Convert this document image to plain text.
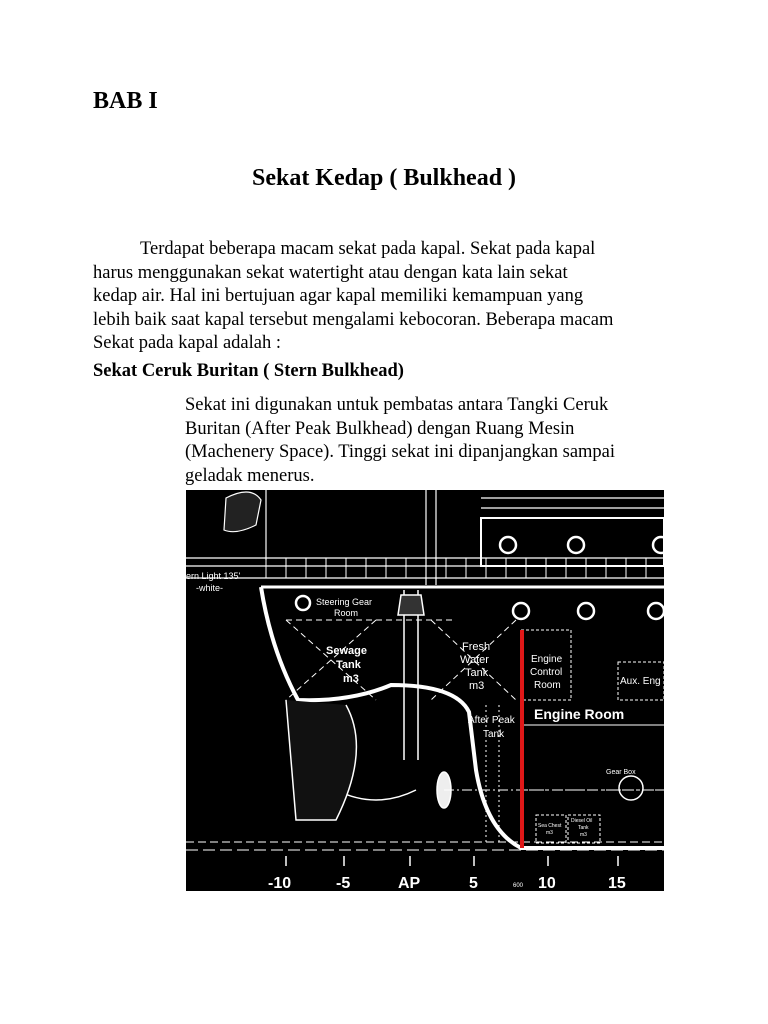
BAB I
Sekat Kedap ( Bulkhead )

Terdapat beberapa macam sekat pada kapal. Sekat pada kapal
harus menggunakan sekat watertight atau dengan kata lain sekat
kedap air. Hal ini bertujuan agar kapal memiliki kemampuan yang
lebih baik saat kapal tersebut mengalami kebocoran. Beberapa macam
Sekat pada kapal adalah :

Sekat Ceruk Buritan ( Stern Bulkhead)

Sekat ini digunakan untuk pembatas antara Tangki Ceruk
Buritan (After Peak Bulkhead) dengan Ruang Mesin
(Machenery Space). Tinggi sekat ini dipanjangkan sampai
geladak menerus.

ern Light 135'
-white-
Steering Gear
Room
Sewage
Tank
m3
Fresh
Water
Tank
m3
Engine
Control
Room	Aux. Eng
After Peak
Tank
Engine Room
Gear Box
Sea Chest
m3
Diesel Oil
Tank
m3
-10	-5	AP	5	10	15
600
